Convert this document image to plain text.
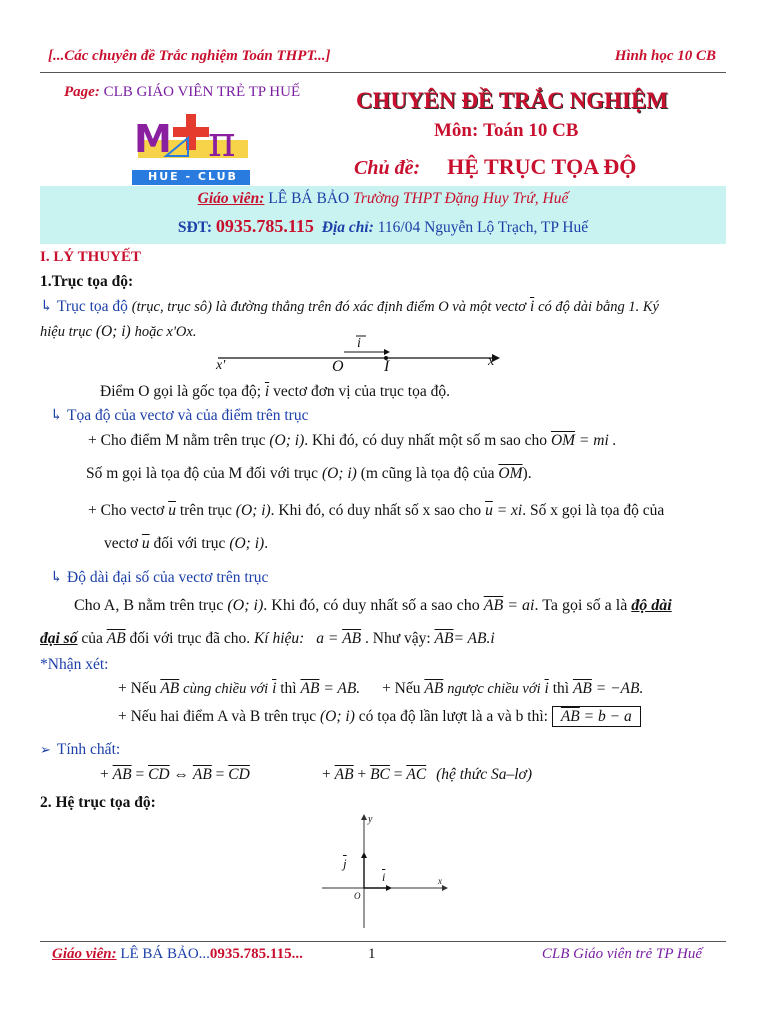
[...Các chuyên đề Trắc nghiệm Toán THPT...]	Hình học 10 CB
Page: CLB GIÁO VIÊN TRẺ TP HUẾ
M π
HUE - CLUB
CHUYÊN ĐỀ TRẮC NGHIỆM
Môn: Toán 10 CB
Chủ đề: HỆ TRỤC TỌA ĐỘ
Giáo viên: LÊ BÁ BẢO Trường THPT Đặng Huy Trứ, Huế
SĐT: 0935.785.115 Địa chỉ: 116/04 Nguyễn Lộ Trạch, TP Huế
I. LÝ THUYẾT
1.Trục tọa độ:
↳ Trục tọa độ (trục, trục sô) là đường thẳng trên đó xác định điểm O và một vectơ $\overline{i}$ có độ dài bằng 1. Ký
hiệu trục (O; i) hoặc x'Ox.
x'	O
i
I	x
Điểm O gọi là gốc tọa độ; $\overline{i}$ vectơ đơn vị của trục tọa độ.
↳ Tọa độ của vectơ và của điểm trên trục
+ Cho điểm M nằm trên trục (O; i). Khi đó, có duy nhất một số m sao cho $\overline{OM}$ = mi .
Số m gọi là tọa độ của M đối với trục (O; i) (m cũng là tọa độ của $\overline{OM}$).
+ Cho vectơ $\overline{u}$ trên trục (O; i). Khi đó, có duy nhất số x sao cho $\overline{u}$ = xi. Số x gọi là tọa độ của
vectơ $\overline{u}$ đối với trục (O; i).
↳ Độ dài đại số của vectơ trên trục
Cho A, B nằm trên trục (O; i). Khi đó, có duy nhất số a sao cho $\overline{AB}$ = ai. Ta gọi số a là độ dài
đại số của $\overline{AB}$ đối với trục đã cho. Kí hiệu: $a = \overline{AB}$ . Như vậy: $\overline{AB}= AB.i$
*Nhận xét:
+ Nếu $\overline{AB}$ cùng chiều với $\overline{i}$ thì $\overline{AB}$ = AB. + Nếu $\overline{AB}$ ngược chiều với $\overline{i}$ thì $\overline{AB} = -AB$.
+ Nếu hai điểm A và B trên trục (O; i) có tọa độ lần lượt là a và b thì: $\overline{AB} = b - a$
➢ Tính chất:
+ $\overline{AB} = \overline{CD}$ ⇔ $\overline{AB} = \overline{CD}$	+ $\overline{AB} + \overline{BC} = \overline{AC}$ (hệ thức Sa–lơ)
2. Hệ trục tọa độ:
y
$\overline{j}$
$\overline{i}$
O
x
Giáo viên: LÊ BÁ BẢO...0935.785.115...	1	CLB Giáo viên trẻ TP Huế
